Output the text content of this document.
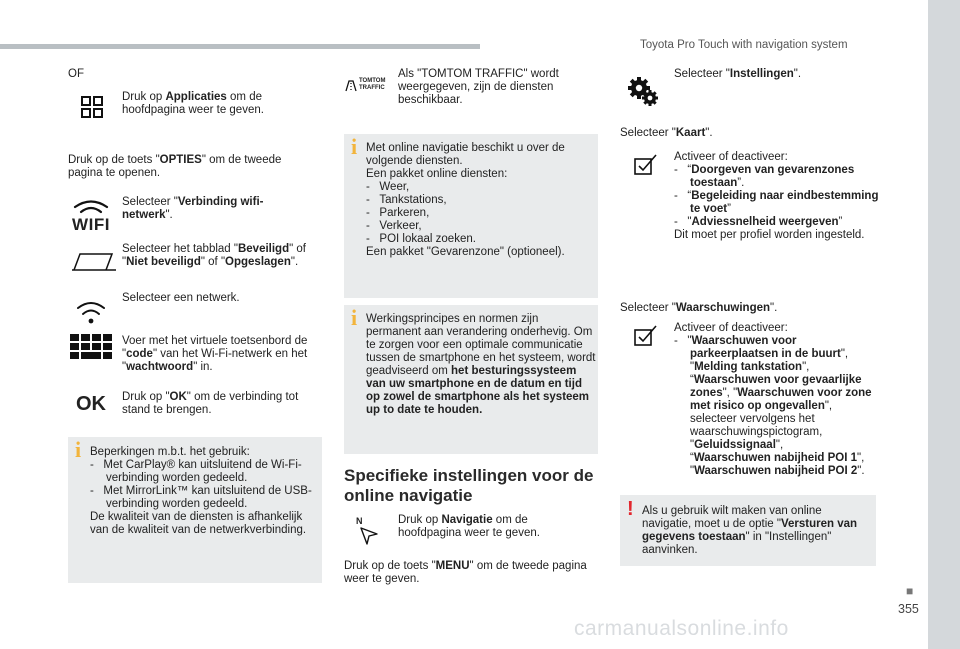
Toyota Pro Touch with navigation system
■
355
carmanualsonline.info
OF

Druk op Applicaties om de hoofdpagina weer te geven.

Druk op de toets "OPTIES" om de tweede pagina te openen.

WIFI

Selecteer "Verbinding wifi-netwerk".

Selecteer het tabblad "Beveiligd" of "Niet beveiligd" of "Opgeslagen".

Selecteer een netwerk.

Voer met het virtuele toetsenbord de "code" van het Wi-Fi-netwerk en het "wachtwoord" in.

OK Druk op "OK" om de verbinding tot stand te brengen.

i Beperkingen m.b.t. het gebruik:

-   Met CarPlay® kan uitsluitend de Wi-Fi-verbinding worden gedeeld.

-   Met MirrorLink™ kan uitsluitend de USB-verbinding worden gedeeld.

De kwaliteit van de diensten is afhankelijk van de kwaliteit van de netwerkverbinding.

TOMTOM TRAFFIC

Als "TOMTOM TRAFFIC" wordt weergegeven, zijn de diensten beschikbaar.

i Met online navigatie beschikt u over de volgende diensten.

Een pakket online diensten:

-   Weer,

-   Tankstations,

-   Parkeren,

-   Verkeer,

-   POI lokaal zoeken.

Een pakket "Gevarenzone" (optioneel).

i Werkingsprincipes en normen zijn permanent aan verandering onderhevig. Om te zorgen voor een optimale communicatie tussen de smartphone en het systeem, wordt geadviseerd om het besturingssysteem van uw smartphone en de datum en tijd op zowel de smartphone als het systeem up to date te houden.

Specifieke instellingen voor de online navigatie
N	Druk op Navigatie om de hoofdpagina weer te geven.

Druk op de toets "MENU" om de tweede pagina weer te geven.

Selecteer "Instellingen".

Selecteer "Kaart".

Activeer of deactiveer:

-   “Doorgeven van gevarenzones toestaan”.

-   “Begeleiding naar eindbestemming te voet”

-   "Adviessnelheid weergeven”

Dit moet per profiel worden ingesteld.

Selecteer "Waarschuwingen".

Activeer of deactiveer:

-   "Waarschuwen voor parkeerplaatsen in de buurt",

"Melding tankstation",

“Waarschuwen voor gevaarlijke zones", "Waarschuwen voor zone met risico op ongevallen",

selecteer vervolgens het waarschuwingspictogram,

"Geluidssignaal",

“Waarschuwen nabijheid POI 1", "Waarschuwen nabijheid POI 2".

! Als u gebruik wilt maken van online navigatie, moet u de optie "Versturen van gegevens toestaan" in "Instellingen" aanvinken.
